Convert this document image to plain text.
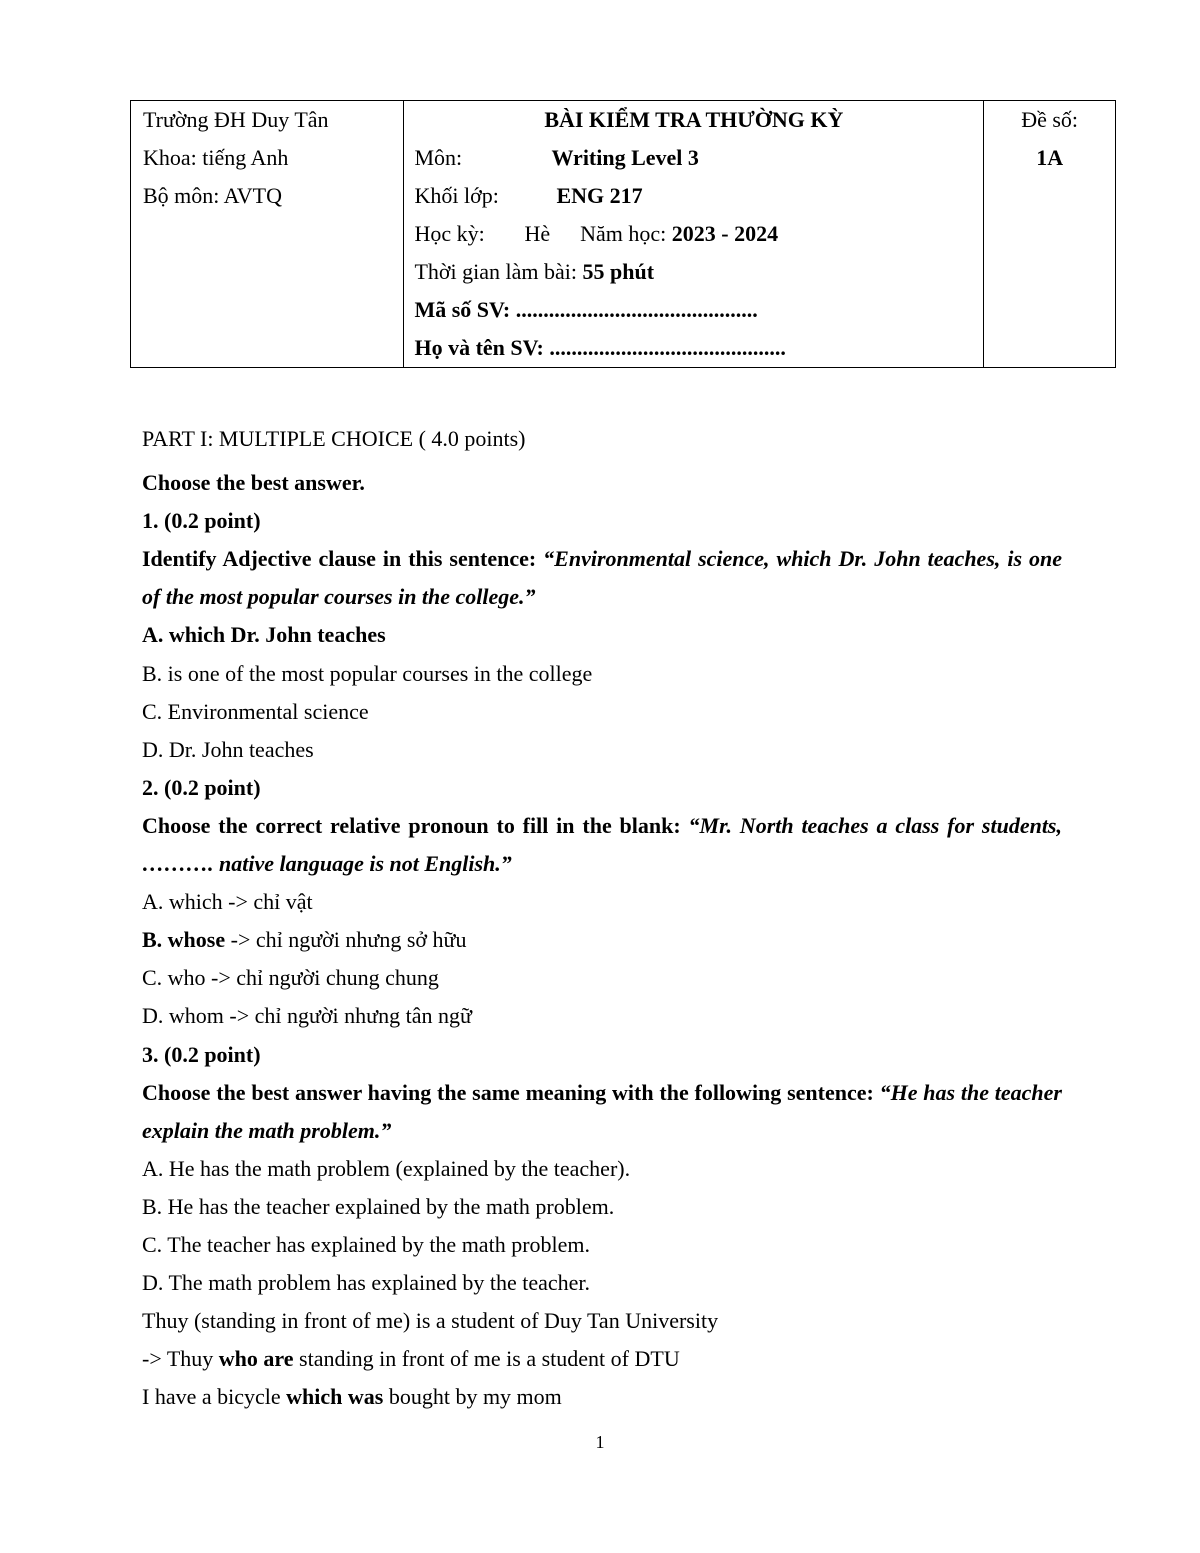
Trường ĐH Duy Tân
Khoa: tiếng Anh
Bộ môn: AVTQ
BÀI KIỂM TRA THƯỜNG KỲ
Môn:	Writing Level 3
Khối lớp:	ENG 217
Học kỳ: Hè Năm học: 2023 - 2024
Thời gian làm bài: 55 phút
Mã số SV: ............................................
Họ và tên SV: ...........................................
Đề số:
1A
PART I: MULTIPLE CHOICE ( 4.0 points)
Choose the best answer.
1. (0.2 point)
Identify Adjective clause in this sentence: “Environmental science, which Dr. John teaches, is one of the most popular courses in the college.”
A. which Dr. John teaches
B. is one of the most popular courses in the college
C. Environmental science
D. Dr. John teaches
2. (0.2 point)
Choose the correct relative pronoun to fill in the blank: “Mr. North teaches a class for students, ………. native language is not English.”
A. which -> chỉ vật
B. whose -> chỉ người nhưng sở hữu
C. who -> chỉ người chung chung
D. whom -> chỉ người nhưng tân ngữ
3. (0.2 point)
Choose the best answer having the same meaning with the following sentence: “He has the teacher explain the math problem.”
A. He has the math problem (explained by the teacher).
B. He has the teacher explained by the math problem.
C. The teacher has explained by the math problem.
D. The math problem has explained by the teacher.
Thuy (standing in front of me) is a student of Duy Tan University
-> Thuy who are standing in front of me is a student of DTU
I have a bicycle which was bought by my mom
1
